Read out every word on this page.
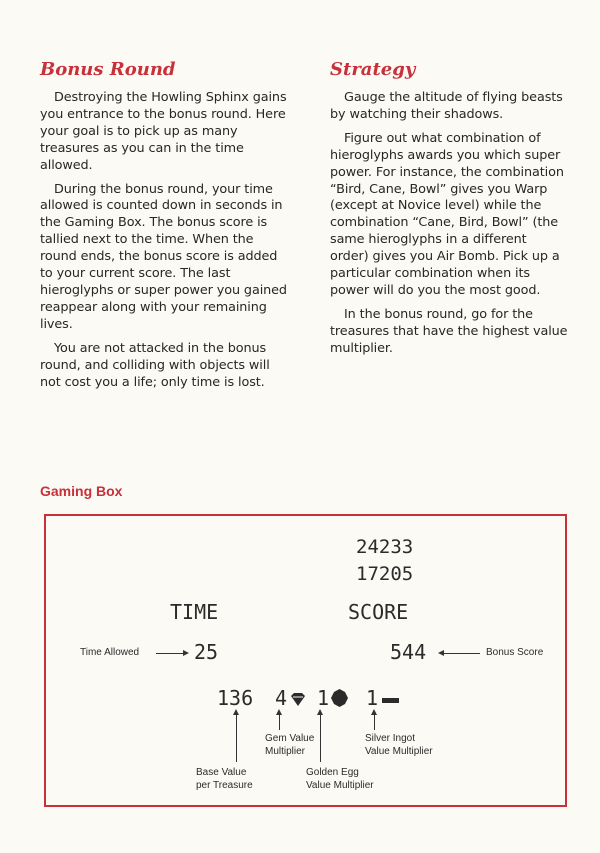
Bonus Round

Destroying the Howling Sphinx gains you entrance to the bonus round. Here your goal is to pick up as many treasures as you can in the time allowed.

During the bonus round, your time allowed is counted down in seconds in the Gaming Box. The bonus score is tallied next to the time. When the round ends, the bonus score is added to your current score. The last hieroglyphs or super power you gained reappear along with your remaining lives.

You are not attacked in the bonus round, and colliding with objects will not cost you a life; only time is lost.

Strategy

Gauge the altitude of flying beasts by watching their shadows.

Figure out what combination of hieroglyphs awards you which super power. For instance, the combination “Bird, Cane, Bowl” gives you Warp (except at Novice level) while the combination “Cane, Bird, Bowl” (the same hieroglyphs in a different order) gives you Air Bomb. Pick up a particular combination when its power will do you the most good.

In the bonus round, go for the treasures that have the highest value multiplier.

Gaming Box
24233
17205
TIME	SCORE
Time Allowed	25	544	Bonus Score
136 4 1 1
Gem Value
Multiplier
Silver Ingot
Value Multiplier
Base Value
per Treasure
Golden Egg
Value Multiplier
